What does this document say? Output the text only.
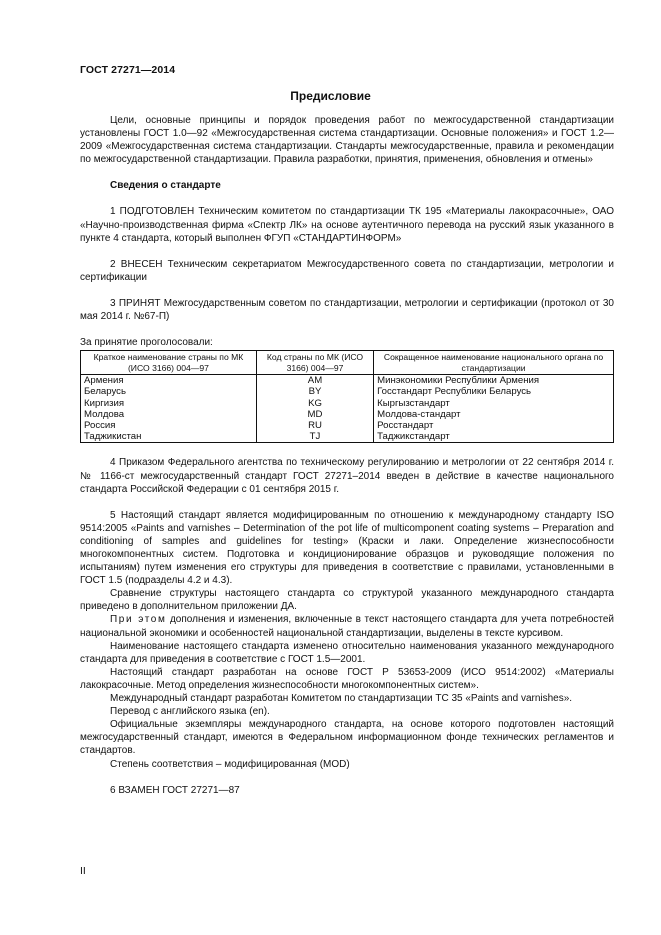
ГОСТ 27271—2014
Предисловие

Цели, основные принципы и порядок проведения работ по межгосударственной стандартизации установлены ГОСТ 1.0—92 «Межгосударственная система стандартизации. Основные положения» и ГОСТ 1.2—2009 «Межгосударственная система стандартизации. Стандарты межгосударственные, правила и рекомендации по межгосударственной стандартизации. Правила разработки, принятия, применения, обновления и отмены»

Сведения о стандарте

1 ПОДГОТОВЛЕН Техническим комитетом по стандартизации ТК 195 «Материалы лакокрасочные», ОАО «Научно-производственная фирма «Спектр ЛК» на основе аутентичного перевода на русский язык указанного в пункте 4 стандарта, который выполнен ФГУП «СТАНДАРТИНФОРМ»

2 ВНЕСЕН Техническим секретариатом Межгосударственного совета по стандартизации, метрологии и сертификации

3 ПРИНЯТ Межгосударственным советом по стандартизации, метрологии и сертификации (протокол от 30 мая 2014 г. №67-П)

За принятие проголосовали:

Краткое наименование страны по МК (ИСО 3166) 004—97	Код страны по МК (ИСО 3166) 004—97	Сокращенное наименование национального органа по стандартизации
Армения	AM	Минэкономики Республики Армения
Беларусь	BY	Госстандарт Республики Беларусь
Киргизия	KG	Кыргызстандарт
Молдова	MD	Молдова-стандарт
Россия	RU	Росстандарт
Таджикистан	TJ	Таджикстандарт

4 Приказом Федерального агентства по техническому регулированию и метрологии от 22 сентября 2014 г. № 1166-ст межгосударственный стандарт ГОСТ 27271–2014 введен в действие в качестве национального стандарта Российской Федерации с 01 сентября 2015 г.

5 Настоящий стандарт является модифицированным по отношению к международному стандарту ISO 9514:2005 «Paints and varnishes – Determination of the pot life of multicomponent coating systems – Preparation and conditioning of samples and guidelines for testing» (Краски и лаки. Определение жизнеспособности многокомпонентных систем. Подготовка и кондиционирование образцов и руководящие положения по испытаниям) путем изменения его структуры для приведения в соответствие с правилами, установленными в ГОСТ 1.5 (подразделы 4.2 и 4.3).

Сравнение структуры настоящего стандарта со структурой указанного международного стандарта приведено в дополнительном приложении ДА.

При этом дополнения и изменения, включенные в текст настоящего стандарта для учета потребностей национальной экономики и особенностей национальной стандартизации, выделены в тексте курсивом.

Наименование настоящего стандарта изменено относительно наименования указанного международного стандарта для приведения в соответствие с ГОСТ 1.5—2001.

Настоящий стандарт разработан на основе ГОСТ Р 53653-2009 (ИСО 9514:2002) «Материалы лакокрасочные. Метод определения жизнеспособности многокомпонентных систем».

Международный стандарт разработан Комитетом по стандартизации ТС 35 «Paints and varnishes».

Перевод с английского языка (en).

Официальные экземпляры международного стандарта, на основе которого подготовлен настоящий межгосударственный стандарт, имеются в Федеральном информационном фонде технических регламентов и стандартов.

Степень соответствия – модифицированная (MOD)

6 ВЗАМЕН ГОСТ 27271—87

II
